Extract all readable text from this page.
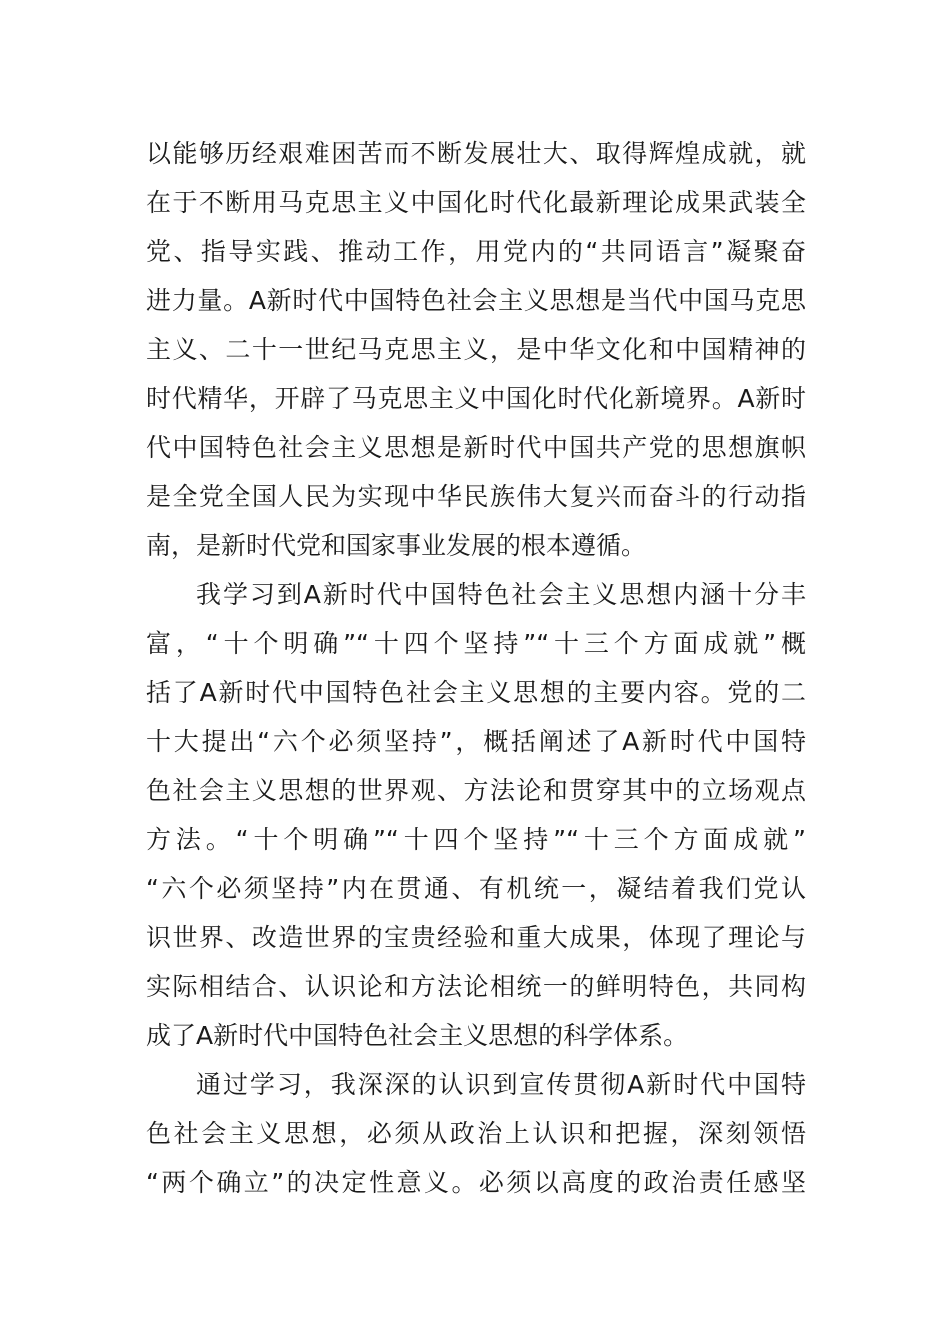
以能够历经艰难困苦而不断发展壮大、取得辉煌成就，就
在于不断用马克思主义中国化时代化最新理论成果武装全
党、指导实践、推动工作，用党内的“共同语言”凝聚奋
进力量。A新时代中国特色社会主义思想是当代中国马克思
主义、二十一世纪马克思主义，是中华文化和中国精神的
时代精华，开辟了马克思主义中国化时代化新境界。A新时
代中国特色社会主义思想是新时代中国共产党的思想旗帜
是全党全国人民为实现中华民族伟大复兴而奋斗的行动指
南，是新时代党和国家事业发展的根本遵循。
我学习到A新时代中国特色社会主义思想内涵十分丰
富，“十个明确”“十四个坚持”“十三个方面成就”概
括了A新时代中国特色社会主义思想的主要内容。党的二
十大提出“六个必须坚持”，概括阐述了A新时代中国特
色社会主义思想的世界观、方法论和贯穿其中的立场观点
方法。“十个明确”“十四个坚持”“十三个方面成就”
“六个必须坚持”内在贯通、有机统一，凝结着我们党认
识世界、改造世界的宝贵经验和重大成果，体现了理论与
实际相结合、认识论和方法论相统一的鲜明特色，共同构
成了A新时代中国特色社会主义思想的科学体系。
通过学习，我深深的认识到宣传贯彻A新时代中国特
色社会主义思想，必须从政治上认识和把握，深刻领悟
“两个确立”的决定性意义。必须以高度的政治责任感坚
